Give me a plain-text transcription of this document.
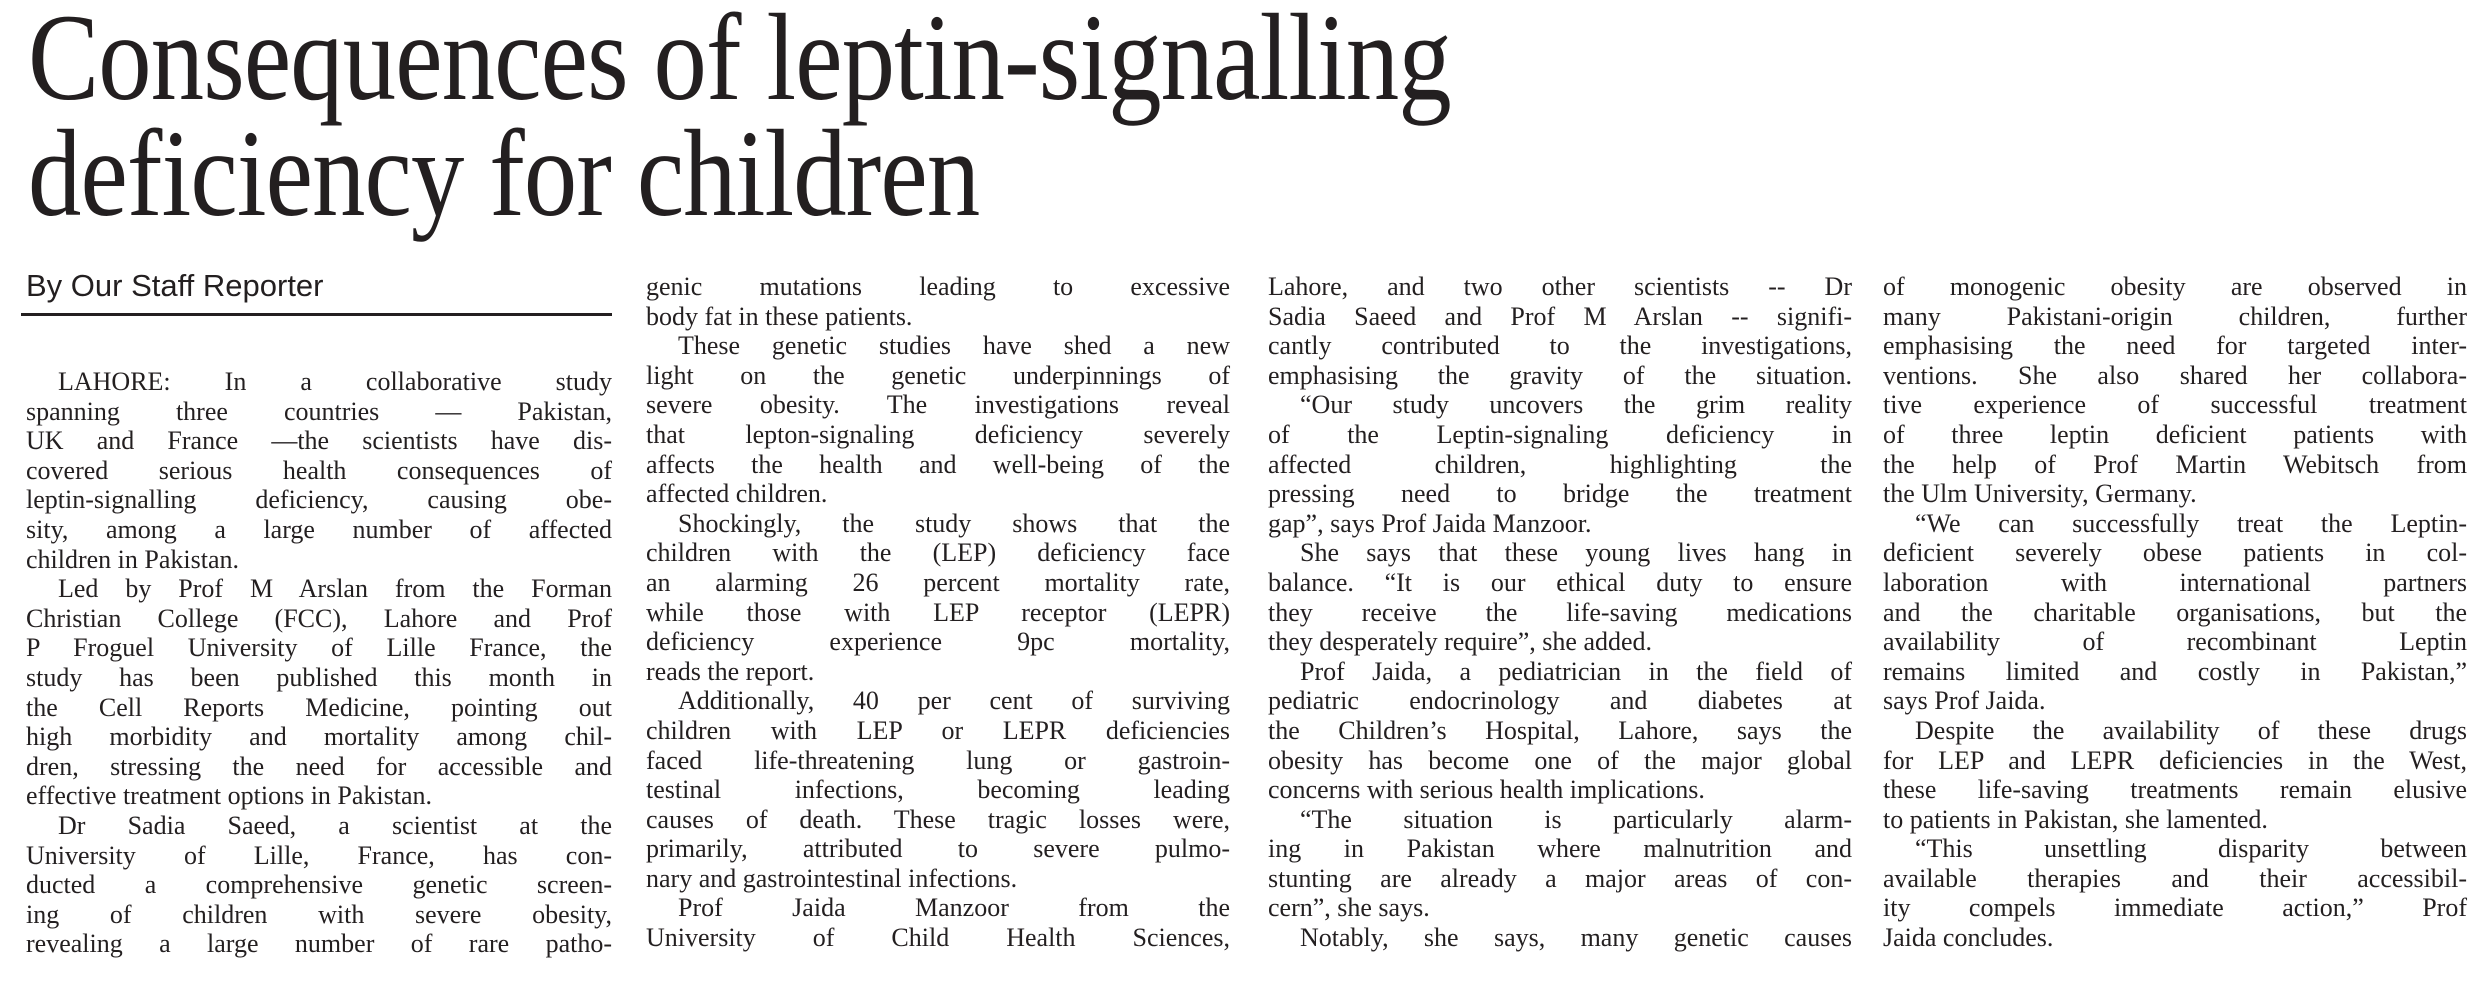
Consequences of leptin-signalling
deficiency for children
By Our Staff Reporter
LAHORE: In a collaborative study
spanning three countries — Pakistan,
UK and France —the scientists have dis-
covered serious health consequences of
leptin-signalling deficiency, causing obe-
sity, among a large number of affected
children in Pakistan.
Led by Prof M Arslan from the Forman
Christian College (FCC), Lahore and Prof
P Froguel University of Lille France, the
study has been published this month in
the Cell Reports Medicine, pointing out
high morbidity and mortality among chil-
dren, stressing the need for accessible and
effective treatment options in Pakistan.
Dr Sadia Saeed, a scientist at the
University of Lille, France, has con-
ducted a comprehensive genetic screen-
ing of children with severe obesity,
revealing a large number of rare patho-
genic mutations leading to excessive
body fat in these patients.
These genetic studies have shed a new
light on the genetic underpinnings of
severe obesity. The investigations reveal
that lepton-signaling deficiency severely
affects the health and well-being of the
affected children.
Shockingly, the study shows that the
children with the (LEP) deficiency face
an alarming 26 percent mortality rate,
while those with LEP receptor (LEPR)
deficiency experience 9pc mortality,
reads the report.
Additionally, 40 per cent of surviving
children with LEP or LEPR deficiencies
faced life-threatening lung or gastroin-
testinal infections, becoming leading
causes of death. These tragic losses were,
primarily, attributed to severe pulmo-
nary and gastrointestinal infections.
Prof Jaida Manzoor from the
University of Child Health Sciences,
Lahore, and two other scientists -- Dr
Sadia Saeed and Prof M Arslan -- signifi-
cantly contributed to the investigations,
emphasising the gravity of the situation.
“Our study uncovers the grim reality
of the Leptin-signaling deficiency in
affected children, highlighting the
pressing need to bridge the treatment
gap”, says Prof Jaida Manzoor.
She says that these young lives hang in
balance. “It is our ethical duty to ensure
they receive the life-saving medications
they desperately require”, she added.
Prof Jaida, a pediatrician in the field of
pediatric endocrinology and diabetes at
the Children’s Hospital, Lahore, says the
obesity has become one of the major global
concerns with serious health implications.
“The situation is particularly alarm-
ing in Pakistan where malnutrition and
stunting are already a major areas of con-
cern”, she says.
Notably, she says, many genetic causes
of monogenic obesity are observed in
many Pakistani-origin children, further
emphasising the need for targeted inter-
ventions. She also shared her collabora-
tive experience of successful treatment
of three leptin deficient patients with
the help of Prof Martin Webitsch from
the Ulm University, Germany.
“We can successfully treat the Leptin-
deficient severely obese patients in col-
laboration with international partners
and the charitable organisations, but the
availability of recombinant Leptin
remains limited and costly in Pakistan,”
says Prof Jaida.
Despite the availability of these drugs
for LEP and LEPR deficiencies in the West,
these life-saving treatments remain elusive
to patients in Pakistan, she lamented.
“This unsettling disparity between
available therapies and their accessibil-
ity compels immediate action,” Prof
Jaida concludes.
